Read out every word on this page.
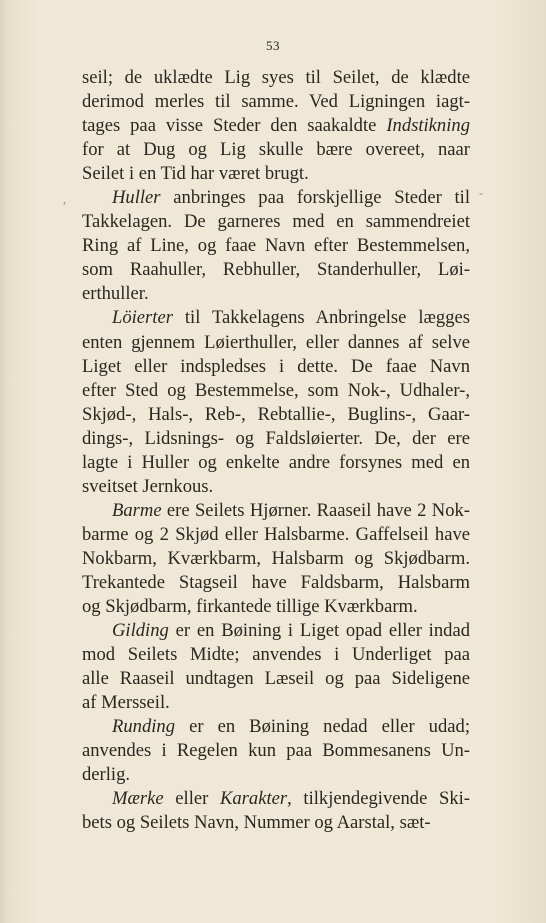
53
seil; de uklædte Lig syes til Seilet, de klædte
derimod merles til samme. Ved Ligningen iagt-
tages paa visse Steder den saakaldte Indstikning
for at Dug og Lig skulle bære overeet, naar
Seilet i en Tid har været brugt.
Huller anbringes paa forskjellige Steder til
Takkelagen. De garneres med en sammendreiet
Ring af Line, og faae Navn efter Bestemmelsen,
som Raahuller, Rebhuller, Standerhuller, Løi-
erthuller.
Löierter til Takkelagens Anbringelse lægges
enten gjennem Løierthuller, eller dannes af selve
Liget eller indspledses i dette. De faae Navn
efter Sted og Bestemmelse, som Nok-, Udhaler-,
Skjød-, Hals-, Reb-, Rebtallie-, Buglins-, Gaar-
dings-, Lidsnings- og Faldsløierter. De, der ere
lagte i Huller og enkelte andre forsynes med en
sveitset Jernkous.
Barme ere Seilets Hjørner. Raaseil have 2 Nok-
barme og 2 Skjød eller Halsbarme. Gaffelseil have
Nokbarm, Kværkbarm, Halsbarm og Skjødbarm.
Trekantede Stagseil have Faldsbarm, Halsbarm
og Skjødbarm, firkantede tillige Kværkbarm.
Gilding er en Bøining i Liget opad eller indad
mod Seilets Midte; anvendes i Underliget paa
alle Raaseil undtagen Læseil og paa Sideligene
af Mersseil.
Runding er en Bøining nedad eller udad;
anvendes i Regelen kun paa Bommesanens Un-
derlig.
Mærke eller Karakter, tilkjendegivende Ski-
bets og Seilets Navn, Nummer og Aarstal, sæt-
,	-
